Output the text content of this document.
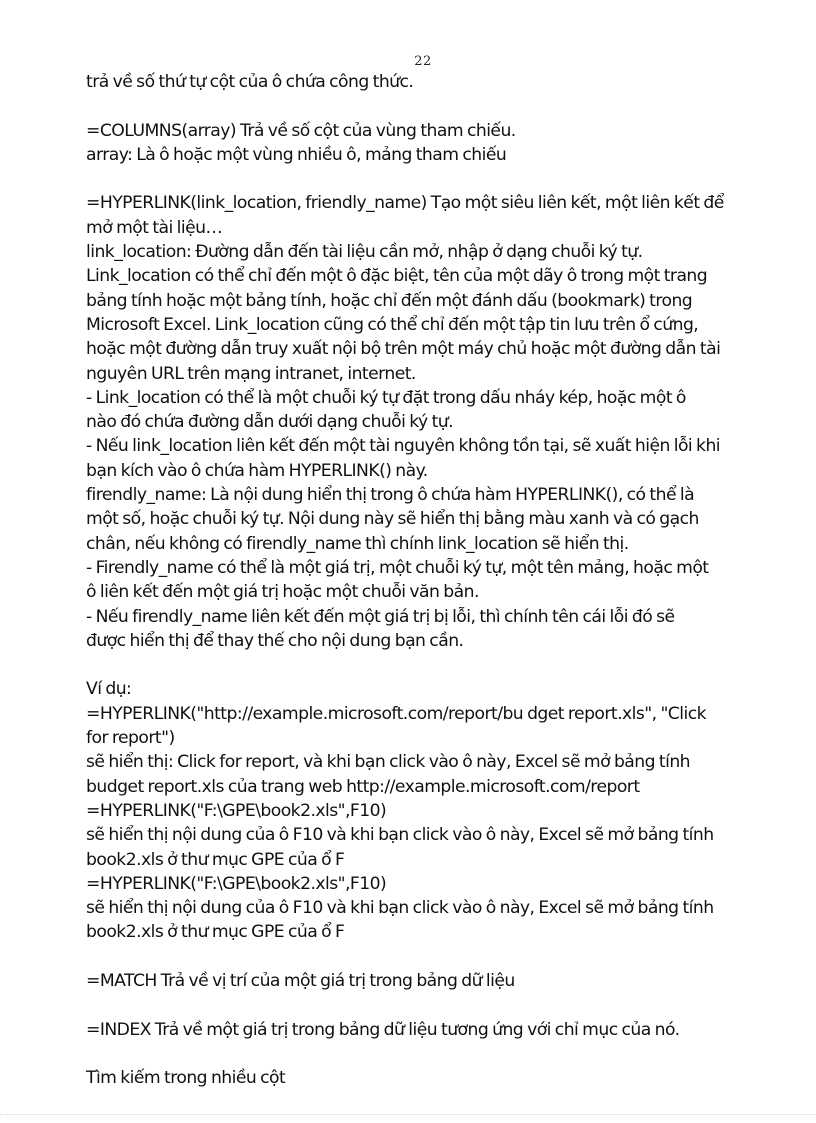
22
trả về số thứ tự cột của ô chứa công thức.
=COLUMNS(array) Trả về số cột của vùng tham chiếu.
array: Là ô hoặc một vùng nhiều ô, mảng tham chiếu
=HYPERLINK(link_location, friendly_name) Tạo một siêu liên kết, một liên kết để
mở một tài liệu…
link_location: Đường dẫn đến tài liệu cần mở, nhập ở dạng chuỗi ký tự.
Link_location có thể chỉ đến một ô đặc biệt, tên của một dãy ô trong một trang
bảng tính hoặc một bảng tính, hoặc chỉ đến một đánh dấu (bookmark) trong
Microsoft Excel. Link_location cũng có thể chỉ đến một tập tin lưu trên ổ cứng,
hoặc một đường dẫn truy xuất nội bộ trên một máy chủ hoặc một đường dẫn tài
nguyên URL trên mạng intranet, internet.
- Link_location có thể là một chuỗi ký tự đặt trong dấu nháy kép, hoặc một ô
nào đó chứa đường dẫn dưới dạng chuỗi ký tự.
- Nếu link_location liên kết đến một tài nguyên không tồn tại, sẽ xuất hiện lỗi khi
bạn kích vào ô chứa hàm HYPERLINK() này.
firendly_name: Là nội dung hiển thị trong ô chứa hàm HYPERLINK(), có thể là
một số, hoặc chuỗi ký tự. Nội dung này sẽ hiển thị bằng màu xanh và có gạch
chân, nếu không có firendly_name thì chính link_location sẽ hiển thị.
- Firendly_name có thể là một giá trị, một chuỗi ký tự, một tên mảng, hoặc một
ô liên kết đến một giá trị hoặc một chuỗi văn bản.
- Nếu firendly_name liên kết đến một giá trị bị lỗi, thì chính tên cái lỗi đó sẽ
được hiển thị để thay thế cho nội dung bạn cần.
Ví dụ:
=HYPERLINK("http://example.microsoft.com/report/bu dget report.xls", "Click
for report")
sẽ hiển thị: Click for report, và khi bạn click vào ô này, Excel sẽ mở bảng tính
budget report.xls của trang web http://example.microsoft.com/report
=HYPERLINK("F:\GPE\book2.xls",F10)
sẽ hiển thị nội dung của ô F10 và khi bạn click vào ô này, Excel sẽ mở bảng tính
book2.xls ở thư mục GPE của ổ F
=HYPERLINK("F:\GPE\book2.xls",F10)
sẽ hiển thị nội dung của ô F10 và khi bạn click vào ô này, Excel sẽ mở bảng tính
book2.xls ở thư mục GPE của ổ F
=MATCH Trả về vị trí của một giá trị trong bảng dữ liệu
=INDEX Trả về một giá trị trong bảng dữ liệu tương ứng với chỉ mục của nó.
Tìm kiếm trong nhiều cột
